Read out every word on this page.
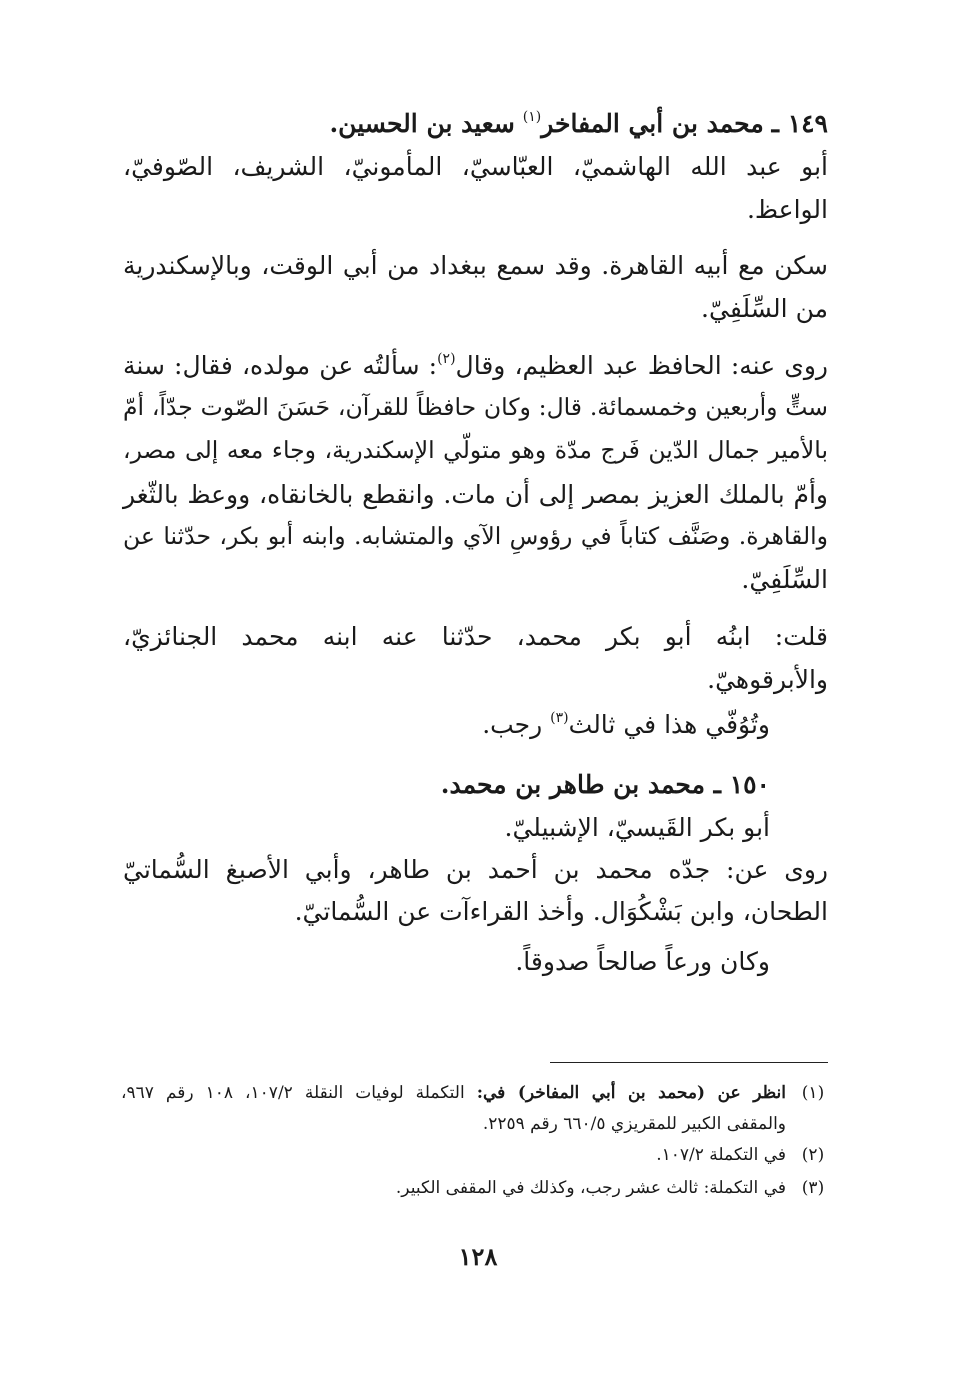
١٤٩ ـ محمد بن أبي المفاخر$^{(١)}$ سعيد بن الحسين.
أبو عبد الله الهاشميّ، العبّاسيّ، المأمونيّ، الشريف، الصّوفيّ،
الواعظ.
سكن مع أبيه القاهرة. وقد سمع ببغداد من أبي الوقت، وبالإسكندرية
من السِّلَفِيّ.
روى عنه: الحافظ عبد العظيم، وقال$^{(٢)}$: سألتُه عن مولده، فقال: سنة
ستٍّ وأربعين وخمسمائة. قال: وكان حافظاً للقرآن، حَسَنَ الصّوت جدّاً، أمّ
بالأمير جمال الدّين فَرج مدّة وهو متولّي الإسكندرية، وجاء معه إلى مصر،
وأمّ بالملك العزيز بمصر إلى أن مات. وانقطع بالخانقاه، ووعظ بالثّغر
والقاهرة. وصَنَّف كتاباً في رؤوسِ الآي والمتشابه. وابنه أبو بكر، حدّثنا عن
السِّلَفِيّ.
قلت: ابنُه أبو بكر محمد، حدّثنا عنه ابنه محمد الجنائزيّ،
والأبرقوهيّ.
وتُوُفّي هذا في ثالث$^{(٣)}$ رجب.
١٥٠ ـ محمد بن طاهر بن محمد.
أبو بكر القَيسيّ، الإشبيليّ.
روى عن: جدّه محمد بن أحمد بن طاهر، وأبي الأصبغ السُّماتيّ
الطحان، وابن بَشْكُوَال. وأخذ القراءآت عن السُّماتيّ.
وكان ورعاً صالحاً صدوقاً.
(١)
انظر عن (محمد بن أبي المفاخر) في: التكملة لوفيات النقلة ١٠٧/٢، ١٠٨ رقم ٩٦٧،
والمقفى الكبير للمقريزي ٦٦٠/٥ رقم ٢٢٥٩.
(٢)
في التكملة ١٠٧/٢.
(٣)
في التكملة: ثالث عشر رجب، وكذلك في المقفى الكبير.
١٢٨
